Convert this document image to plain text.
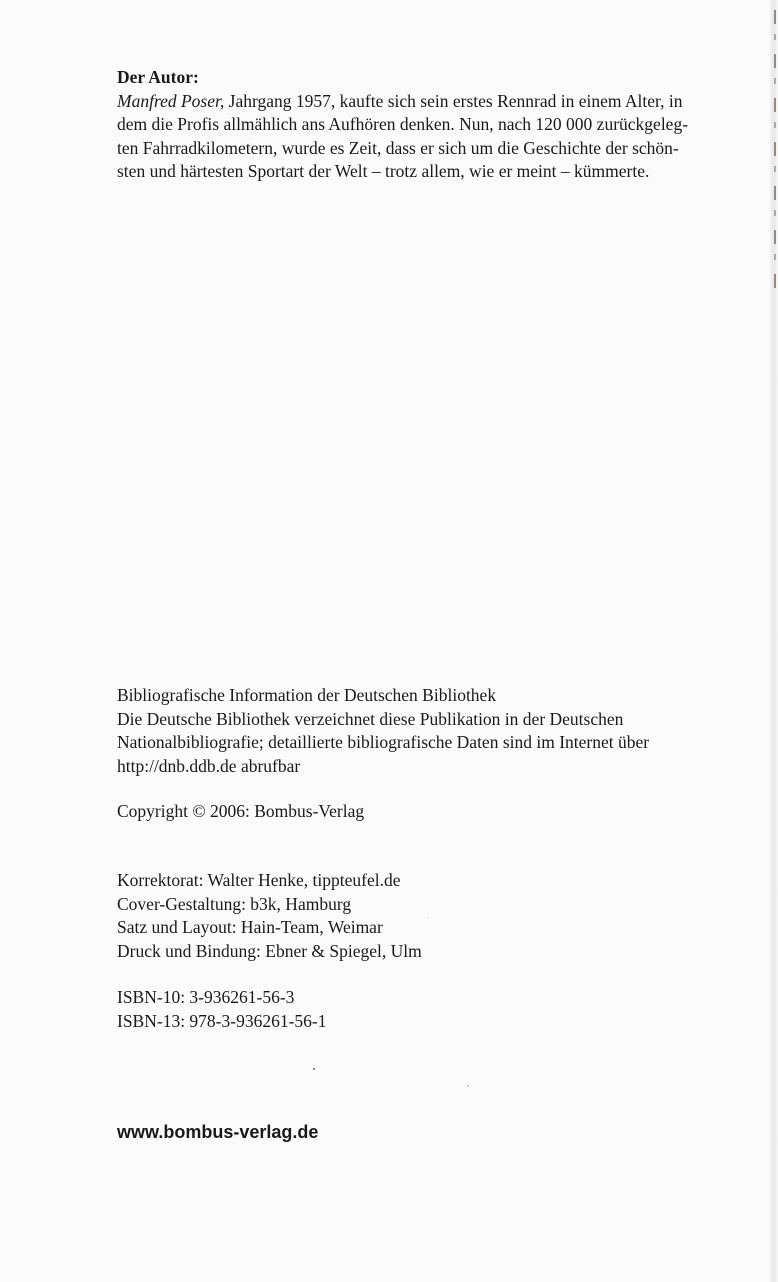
Der Autor:
Manfred Poser, Jahrgang 1957, kaufte sich sein erstes Rennrad in einem Alter, in
dem die Profis allmählich ans Aufhören denken. Nun, nach 120 000 zurückgeleg-
ten Fahrradkilometern, wurde es Zeit, dass er sich um die Geschichte der schön-
sten und härtesten Sportart der Welt – trotz allem, wie er meint – kümmerte.
Bibliografische Information der Deutschen Bibliothek
Die Deutsche Bibliothek verzeichnet diese Publikation in der Deutschen
Nationalbibliografie; detaillierte bibliografische Daten sind im Internet über
http://dnb.ddb.de abrufbar
Copyright © 2006: Bombus-Verlag
Korrektorat: Walter Henke, tippteufel.de
Cover-Gestaltung: b3k, Hamburg
Satz und Layout: Hain-Team, Weimar
Druck und Bindung: Ebner & Spiegel, Ulm
ISBN-10: 3-936261-56-3
ISBN-13: 978-3-936261-56-1
www.bombus-verlag.de
